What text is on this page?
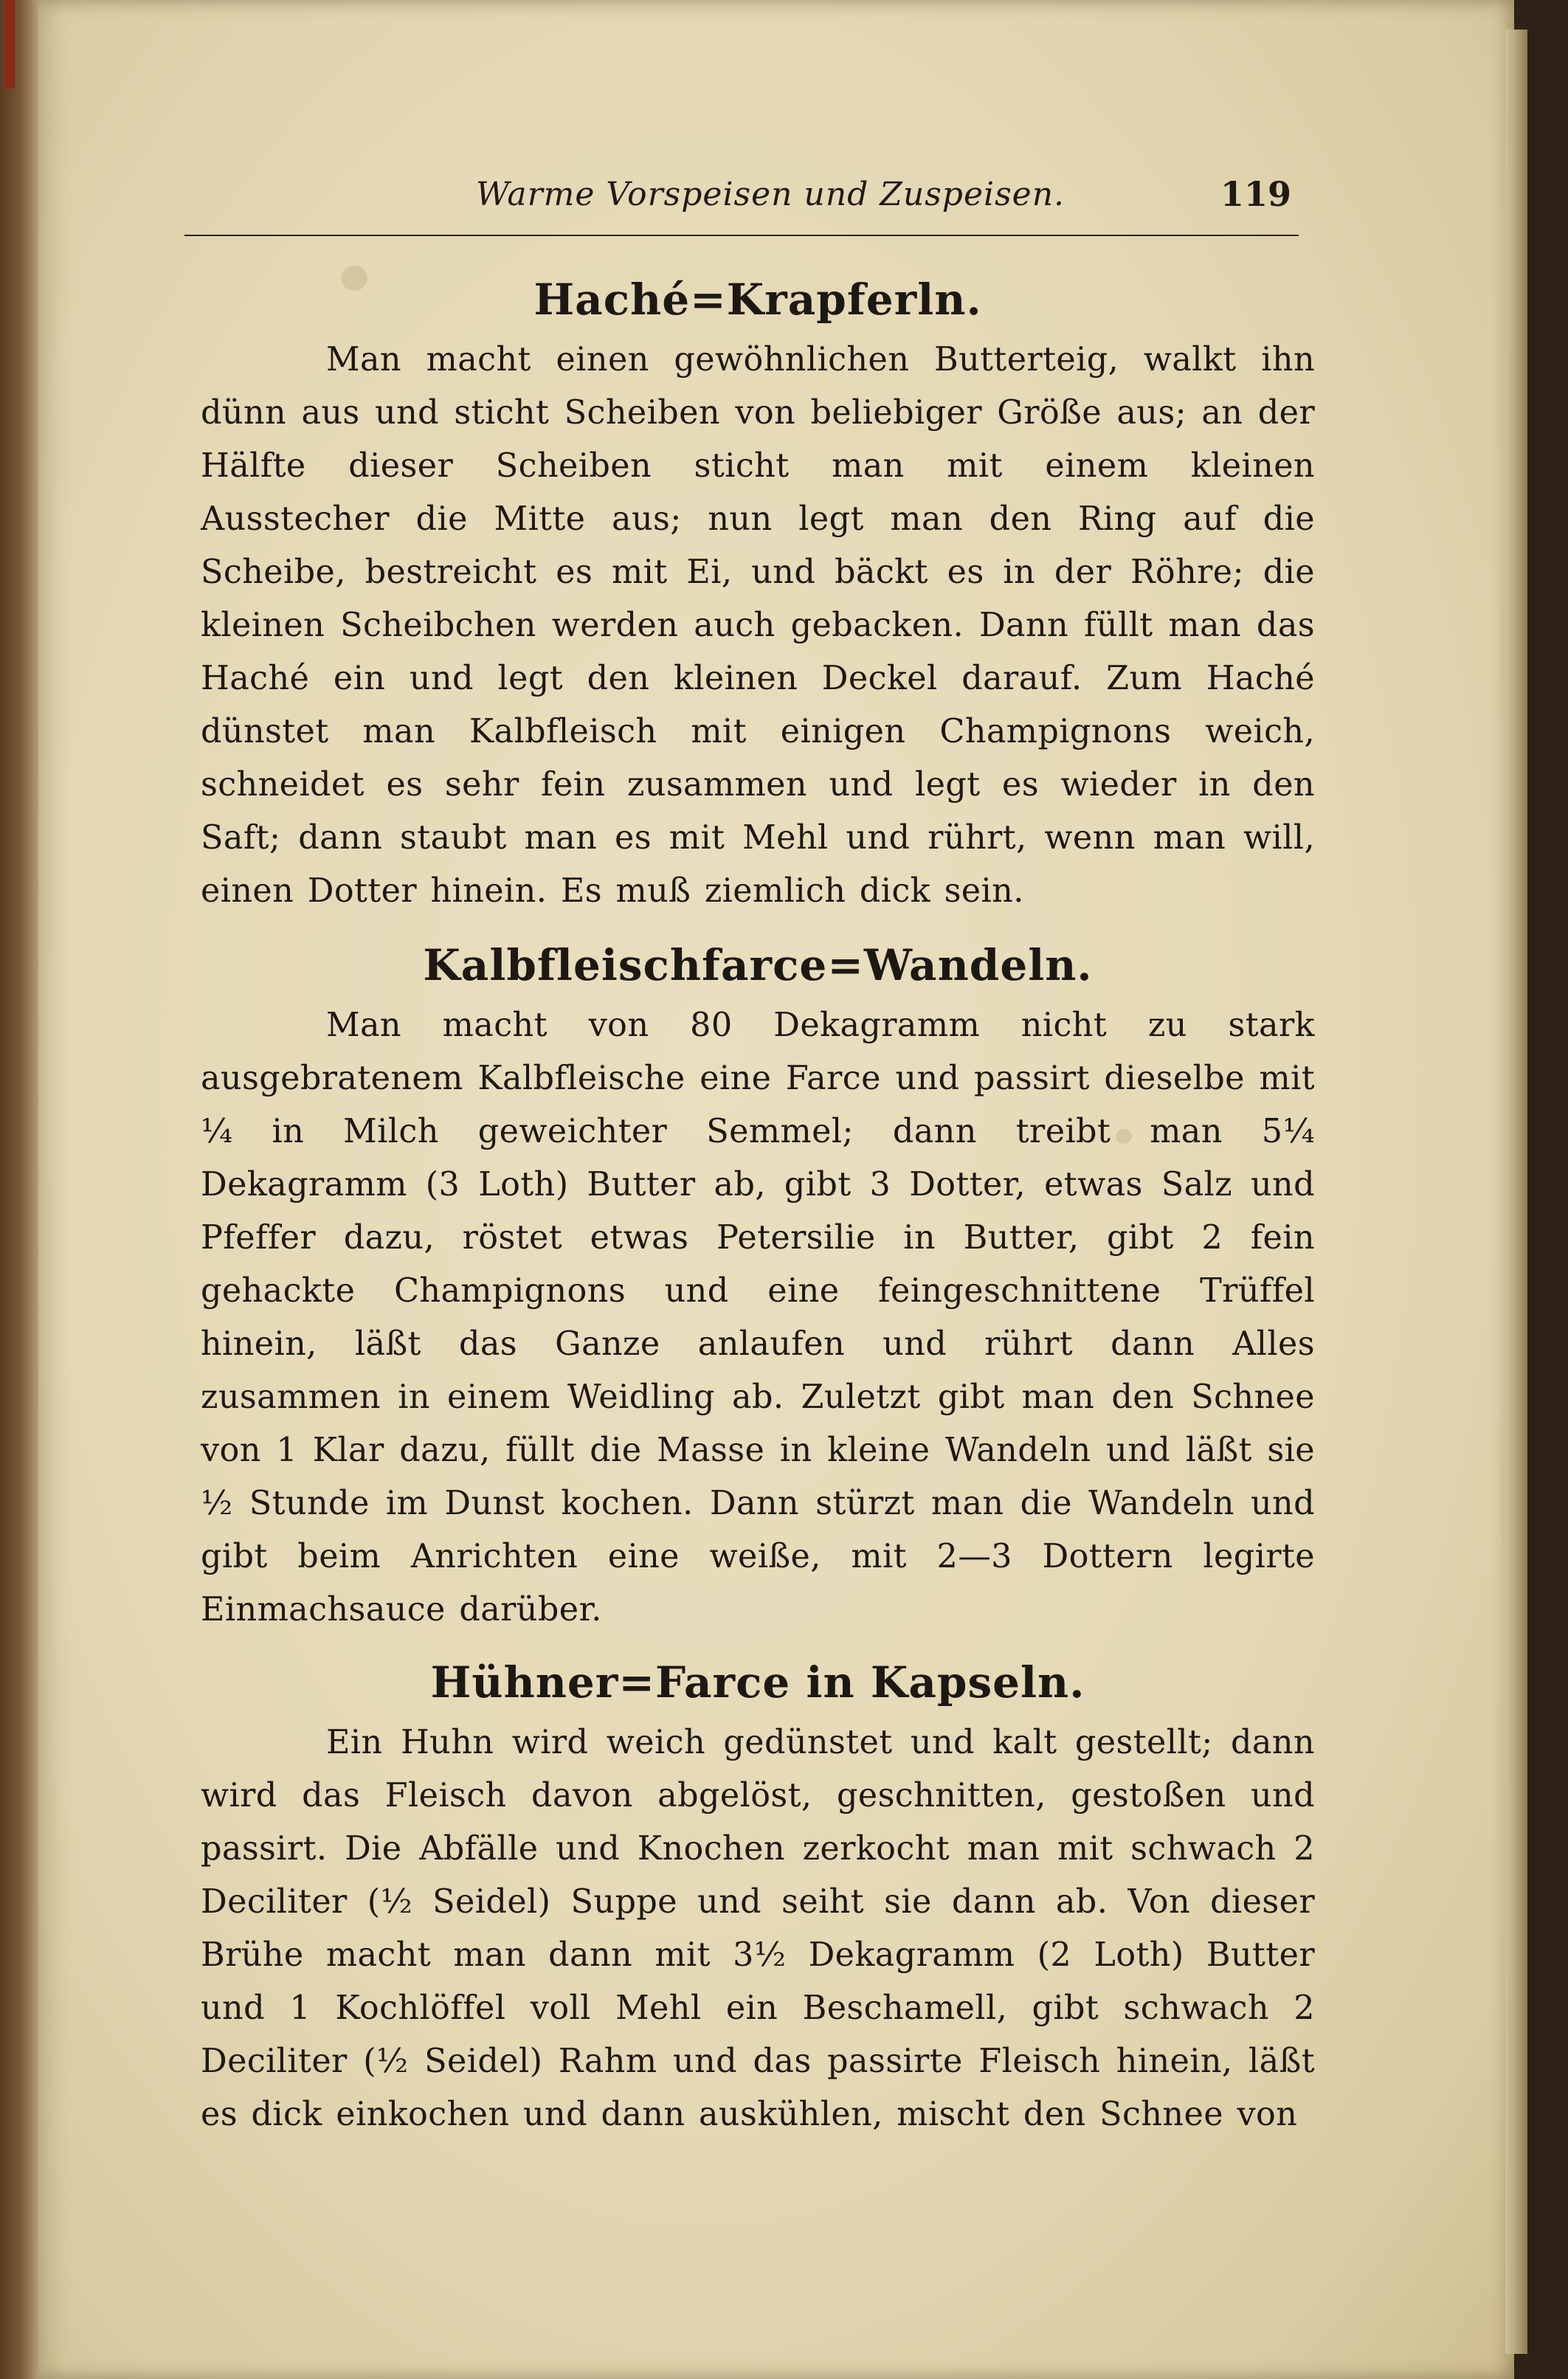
Warme Vorspeisen und Zuspeisen.	119
Haché=Krapferln.

Man macht einen gewöhnlichen Butterteig, walkt ihn dünn aus und sticht Scheiben von beliebiger Größe aus; an der Hälfte dieser Scheiben sticht man mit einem kleinen Ausstecher die Mitte aus; nun legt man den Ring auf die Scheibe, bestreicht es mit Ei, und bäckt es in der Röhre; die kleinen Scheibchen werden auch gebacken. Dann füllt man das Haché ein und legt den kleinen Deckel darauf. Zum Haché dünstet man Kalbfleisch mit einigen Champignons weich, schneidet es sehr fein zusammen und legt es wieder in den Saft; dann staubt man es mit Mehl und rührt, wenn man will, einen Dotter hinein. Es muß ziemlich dick sein.

Kalbfleischfarce=Wandeln.

Man macht von 80 Dekagramm nicht zu stark ausgebratenem Kalbfleische eine Farce und passirt dieselbe mit ¼ in Milch geweichter Semmel; dann treibt man 5¼ Dekagramm (3 Loth) Butter ab, gibt 3 Dotter, etwas Salz und Pfeffer dazu, röstet etwas Petersilie in Butter, gibt 2 fein gehackte Champignons und eine feingeschnittene Trüffel hinein, läßt das Ganze anlaufen und rührt dann Alles zusammen in einem Weidling ab. Zuletzt gibt man den Schnee von 1 Klar dazu, füllt die Masse in kleine Wandeln und läßt sie ½ Stunde im Dunst kochen. Dann stürzt man die Wandeln und gibt beim Anrichten eine weiße, mit 2—3 Dottern legirte Einmachsauce darüber.

Hühner=Farce in Kapseln.

Ein Huhn wird weich gedünstet und kalt gestellt; dann wird das Fleisch davon abgelöst, geschnitten, gestoßen und passirt. Die Abfälle und Knochen zerkocht man mit schwach 2 Deciliter (½ Seidel) Suppe und seiht sie dann ab. Von dieser Brühe macht man dann mit 3½ Dekagramm (2 Loth) Butter und 1 Kochlöffel voll Mehl ein Beschamell, gibt schwach 2 Deciliter (½ Seidel) Rahm und das passirte Fleisch hinein, läßt es dick einkochen und dann auskühlen, mischt den Schnee von
